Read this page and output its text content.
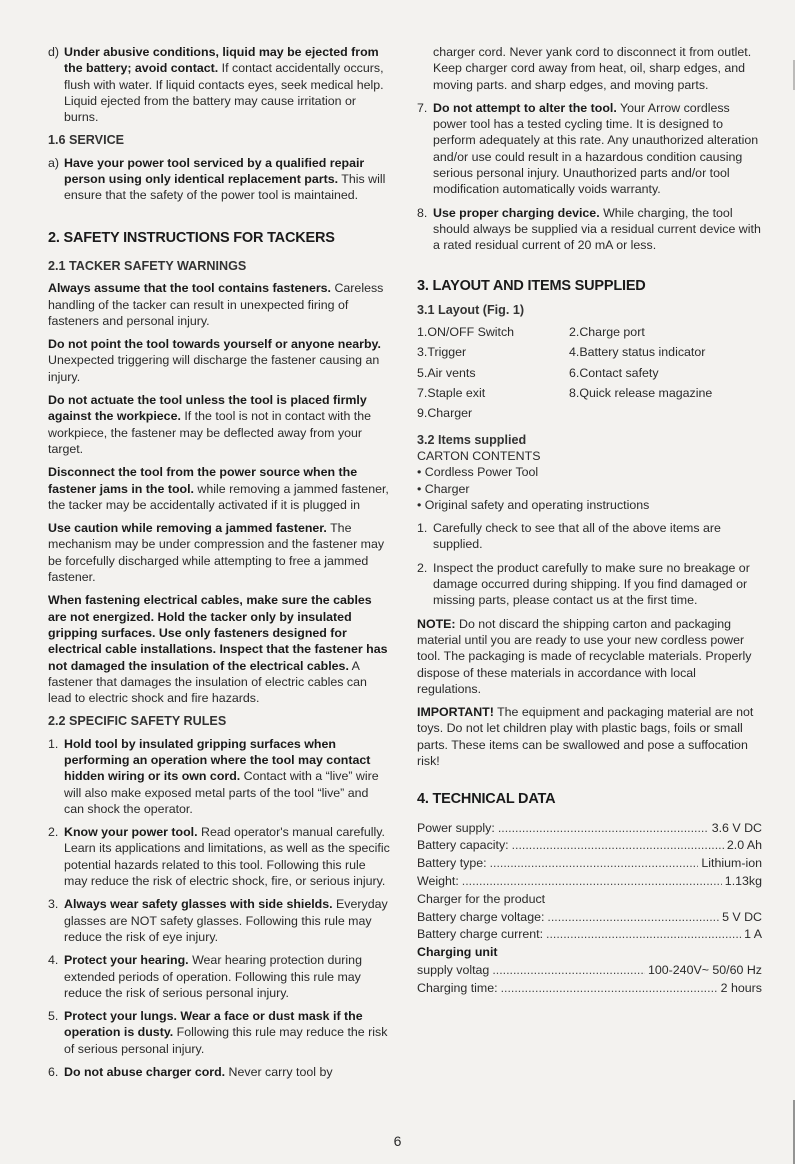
d) Under abusive conditions, liquid may be ejected from the battery; avoid contact. If contact accidentally occurs, flush with water. If liquid contacts eyes, seek medical help. Liquid ejected from the battery may cause irritation or burns.
1.6 SERVICE
a) Have your power tool serviced by a qualified repair person using only identical replacement parts. This will ensure that the safety of the power tool is maintained.
2. SAFETY INSTRUCTIONS FOR TACKERS
2.1 TACKER SAFETY WARNINGS

Always assume that the tool contains fasteners. Careless handling of the tacker can result in unexpected firing of fasteners and personal injury.

Do not point the tool towards yourself or anyone nearby. Unexpected triggering will discharge the fastener causing an injury.

Do not actuate the tool unless the tool is placed firmly against the workpiece. If the tool is not in contact with the workpiece, the fastener may be deflected away from your target.

Disconnect the tool from the power source when the fastener jams in the tool. while removing a jammed fastener, the tacker may be accidentally activated if it is plugged in

Use caution while removing a jammed fastener. The mechanism may be under compression and the fastener may be forcefully discharged while attempting to free a jammed fastener.

When fastening electrical cables, make sure the cables are not energized. Hold the tacker only by insulated gripping surfaces. Use only fasteners designed for electrical cable installations. Inspect that the fastener has not damaged the insulation of the electrical cables. A fastener that damages the insulation of electric cables can lead to electric shock and fire hazards.

2.2 SPECIFIC SAFETY RULES
1. Hold tool by insulated gripping surfaces when performing an operation where the tool may contact hidden wiring or its own cord. Contact with a “live” wire will also make exposed metal parts of the tool “live” and can shock the operator.
2. Know your power tool. Read operator's manual carefully. Learn its applications and limitations, as well as the specific potential hazards related to this tool. Following this rule may reduce the risk of electric shock, fire, or serious injury.
3. Always wear safety glasses with side shields. Everyday glasses are NOT safety glasses. Following this rule may reduce the risk of eye injury.
4. Protect your hearing. Wear hearing protection during extended periods of operation. Following this rule may reduce the risk of serious personal injury.
5. Protect your lungs. Wear a face or dust mask if the operation is dusty. Following this rule may reduce the risk of serious personal injury.
6. Do not abuse charger cord. Never carry tool by

charger cord. Never yank cord to disconnect it from outlet. Keep charger cord away from heat, oil, sharp edges, and moving parts. and sharp edges, and moving parts.

7. Do not attempt to alter the tool. Your Arrow cordless power tool has a tested cycling time. It is designed to perform adequately at this rate. Any unauthorized alteration and/or use could result in a hazardous condition causing serious personal injury. Unauthorized parts and/or tool modification automatically voids warranty.
8. Use proper charging device. While charging, the tool should always be supplied via a residual current device with a rated residual current of 20 mA or less.
3. LAYOUT AND ITEMS SUPPLIED
3.1 Layout (Fig. 1)
1.ON/OFF Switch	2.Charge port
3.Trigger	4.Battery status indicator
5.Air vents	6.Contact safety
7.Staple exit	8.Quick release magazine
9.Charger
3.2 Items supplied
CARTON CONTENTS
• Cordless Power Tool
• Charger
• Original safety and operating instructions
1. Carefully check to see that all of the above items are supplied.
2. Inspect the product carefully to make sure no breakage or damage occurred during shipping. If you find damaged or missing parts, please contact us at the first time.

NOTE: Do not discard the shipping carton and packaging material until you are ready to use your new cordless power tool. The packaging is made of recyclable materials. Properly dispose of these materials in accordance with local regulations.

IMPORTANT! The equipment and packaging material are not toys. Do not let children play with plastic bags, foils or small parts. These items can be swallowed and pose a suffocation risk!

4. TECHNICAL DATA
Power supply: .....	3.6 V DC
Battery capacity: .....	2.0 Ah
Battery type: .....	Lithium-ion
Weight: .....	1.13kg
Charger for the product
Battery charge voltage: .....	5 V DC
Battery charge current: .....	1 A
Charging unit
supply voltag .....	100-240V~ 50/60 Hz
Charging time: .....	2 hours
6
